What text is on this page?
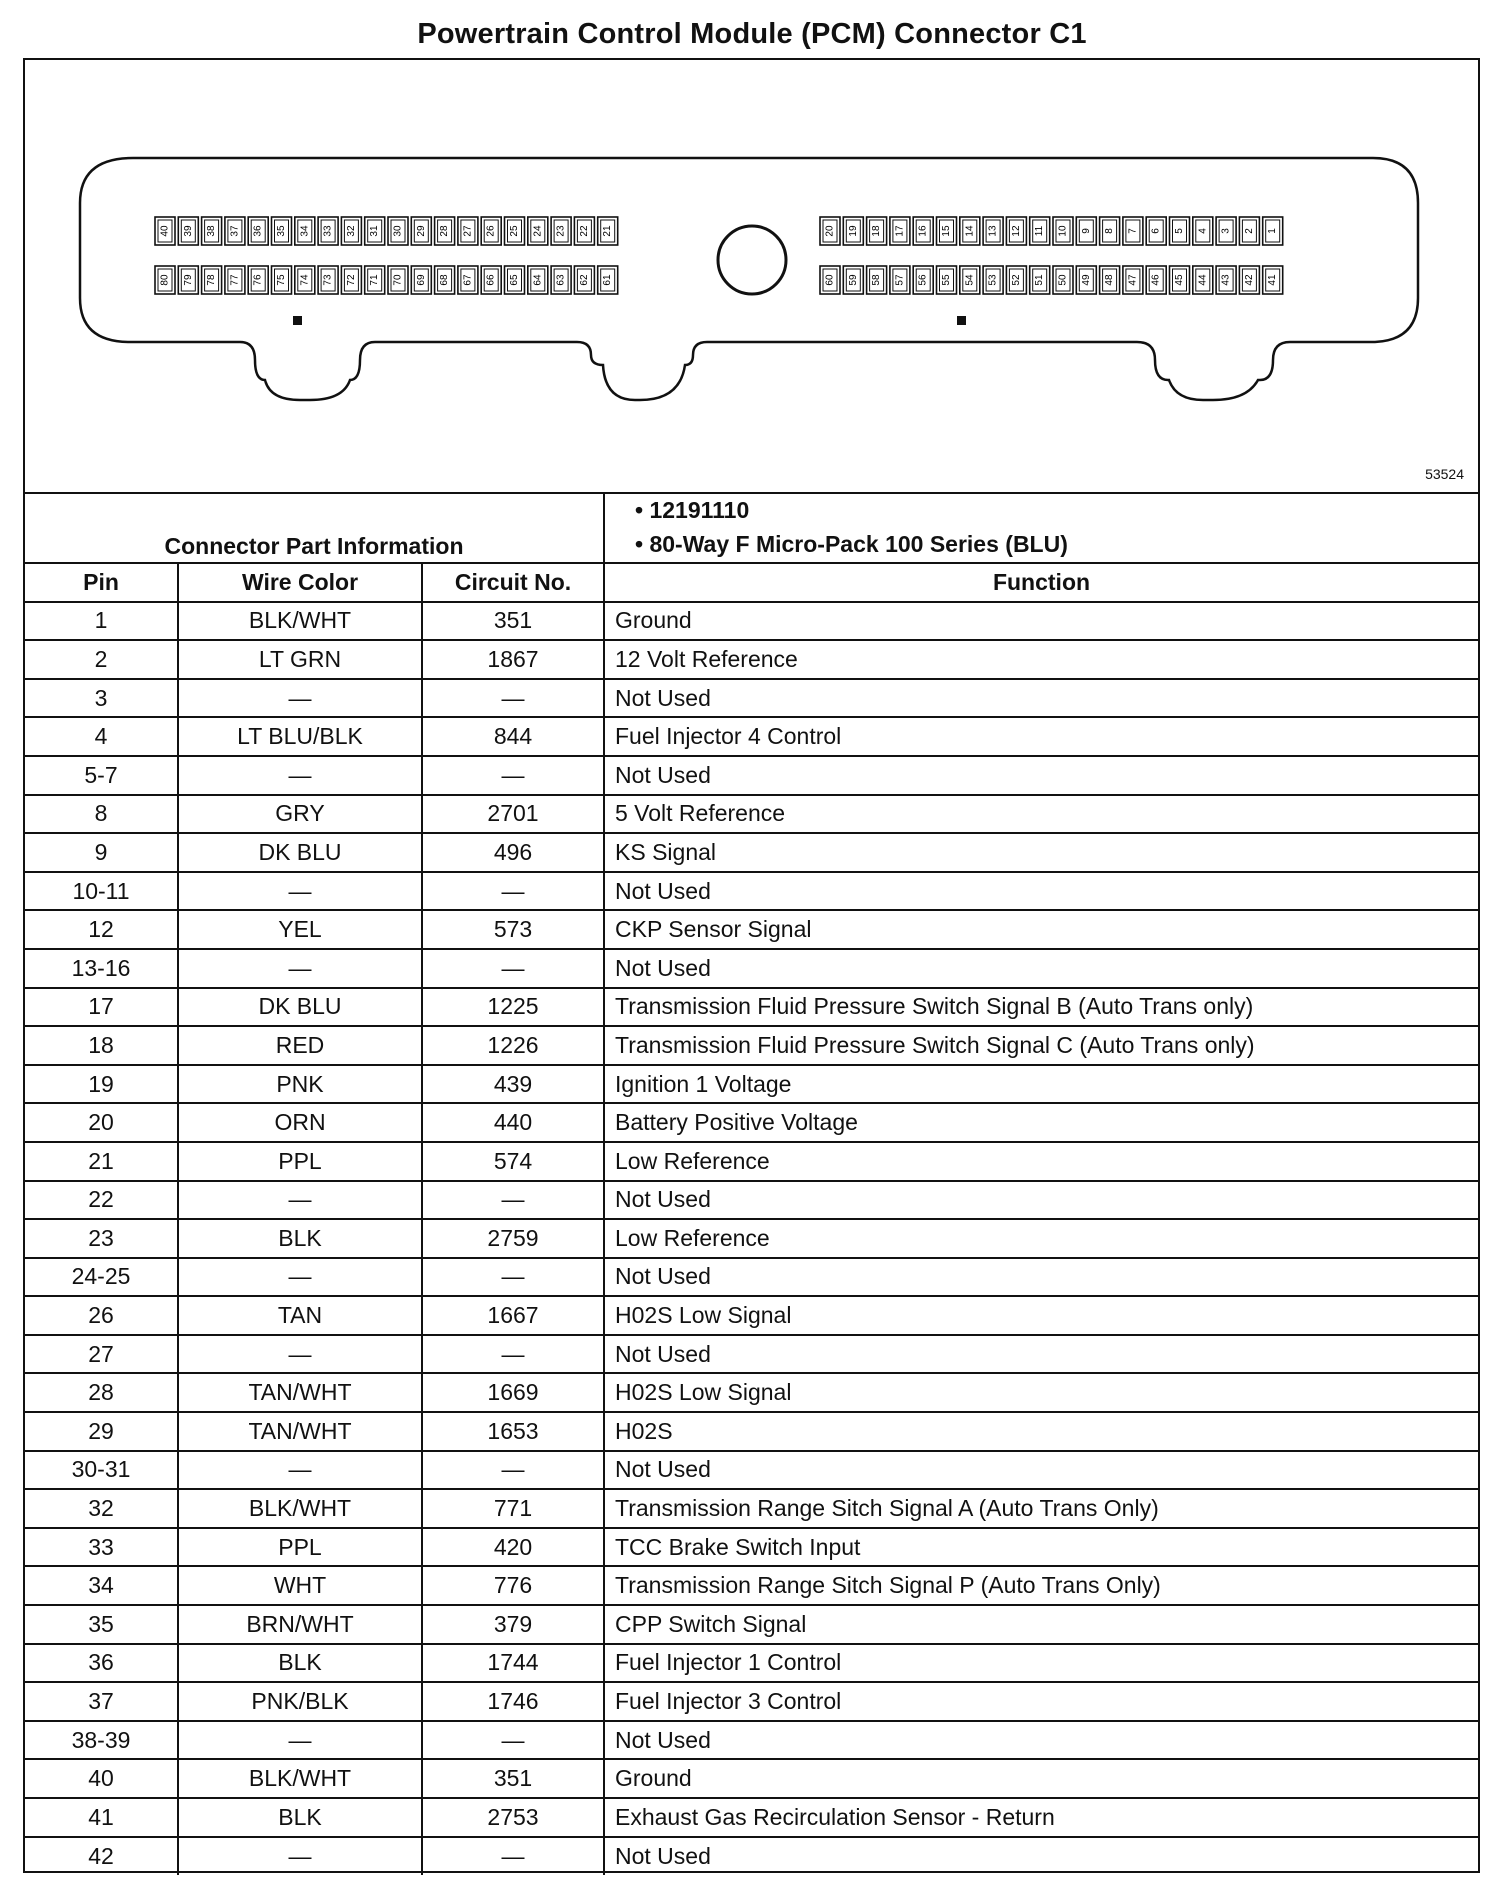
Powertrain Control Module (PCM) Connector C1
40 39 38 37 36 35 34 33 32 31 30 29 28 27 26 25 24 23 22 21
80 79 78 77 76 75 74 73 72 71 70 69 68 67 66 65 64 63 62 61
20 19 18 17 16 15 14 13 12 11 10 9 8 7 6 5 4 3 2 1
60 59 58 57 56 55 54 53 52 51 50 49 48 47 46 45 44 43 42 41
53524
Connector Part Information			• 12191110
• 80-Way F Micro-Pack 100 Series (BLU)

Pin	Wire Color	Circuit No.	Function
1	BLK/WHT	351	Ground
2	LT GRN	1867	12 Volt Reference
3	—	—	Not Used
4	LT BLU/BLK	844	Fuel Injector 4 Control
5-7	—	—	Not Used
8	GRY	2701	5 Volt Reference
9	DK BLU	496	KS Signal
10-11	—	—	Not Used
12	YEL	573	CKP Sensor Signal
13-16	—	—	Not Used
17	DK BLU	1225	Transmission Fluid Pressure Switch Signal B (Auto Trans only)
18	RED	1226	Transmission Fluid Pressure Switch Signal C (Auto Trans only)
19	PNK	439	Ignition 1 Voltage
20	ORN	440	Battery Positive Voltage
21	PPL	574	Low Reference
22	—	—	Not Used
23	BLK	2759	Low Reference
24-25	—	—	Not Used
26	TAN	1667	H02S Low Signal
27	—	—	Not Used
28	TAN/WHT	1669	H02S Low Signal
29	TAN/WHT	1653	H02S
30-31	—	—	Not Used
32	BLK/WHT	771	Transmission Range Sitch Signal A (Auto Trans Only)
33	PPL	420	TCC Brake Switch Input
34	WHT	776	Transmission Range Sitch Signal P (Auto Trans Only)
35	BRN/WHT	379	CPP Switch Signal
36	BLK	1744	Fuel Injector 1 Control
37	PNK/BLK	1746	Fuel Injector 3 Control
38-39	—	—	Not Used
40	BLK/WHT	351	Ground
41	BLK	2753	Exhaust Gas Recirculation Sensor - Return
42	—	—	Not Used
